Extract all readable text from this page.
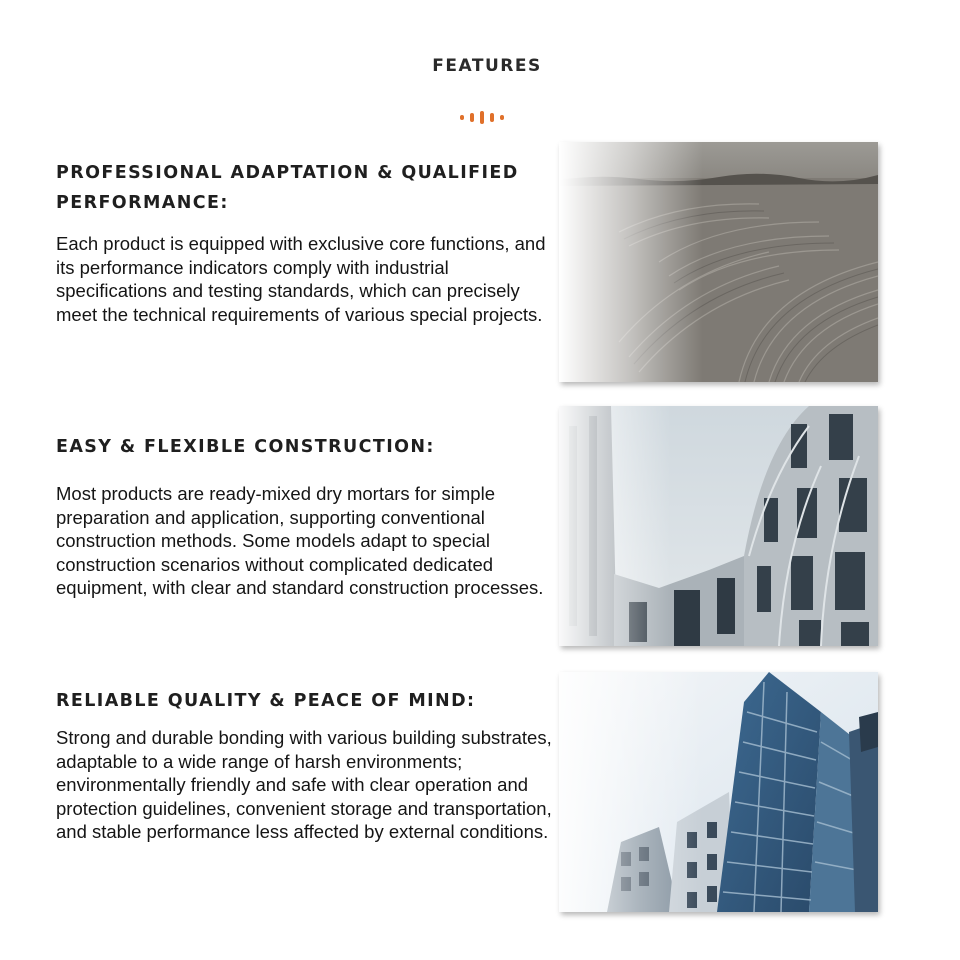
FEATURES
PROFESSIONAL ADAPTATION & QUALIFIED PERFORMANCE:

Each product is equipped with exclusive core functions, and its performance indicators comply with industrial specifications and testing standards, which can precisely meet the technical requirements of various special projects.

EASY & FLEXIBLE CONSTRUCTION:

Most products are ready-mixed dry mortars for simple preparation and application, supporting conventional construction methods. Some models adapt to special construction scenarios without complicated dedicated equipment, with clear and standard construction processes.

RELIABLE QUALITY & PEACE OF MIND:

Strong and durable bonding with various building substrates, adaptable to a wide range of harsh environments; environmentally friendly and safe with clear operation and protection guidelines, convenient storage and transportation, and stable performance less affected by external conditions.
